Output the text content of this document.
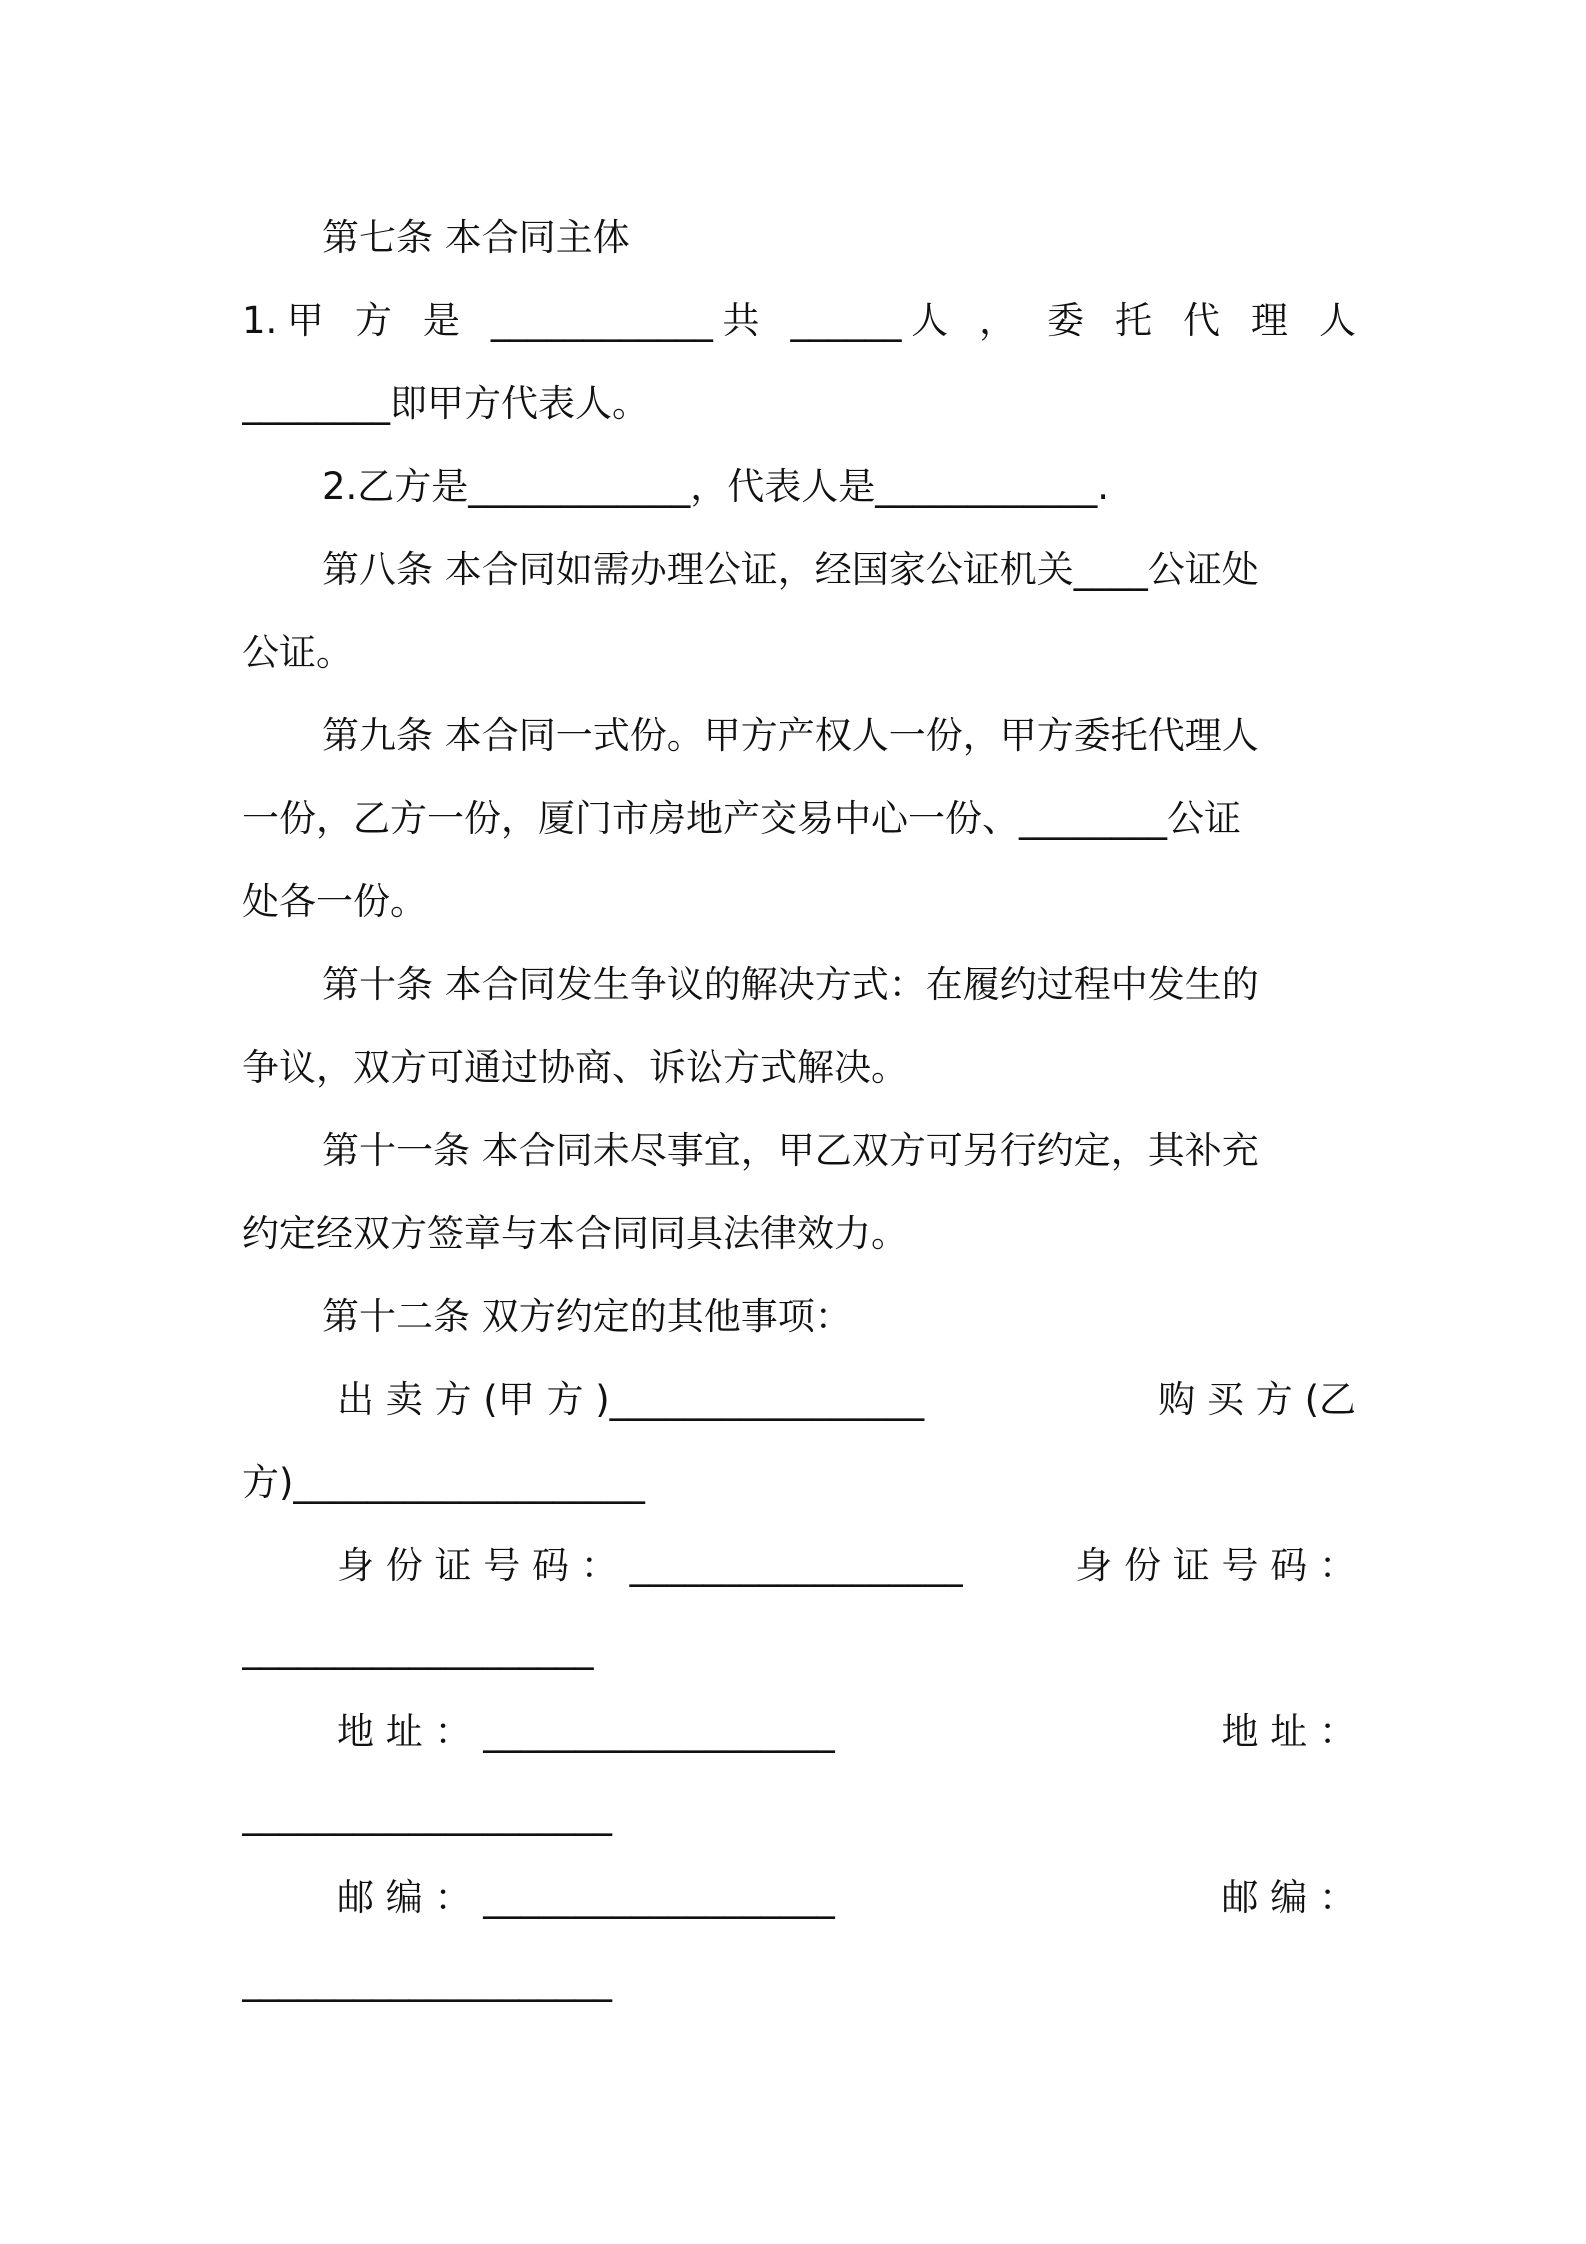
第七条 本合同主体
1.甲 方 是 ____________共 ______人 ， 委 托 代 理 人
________即甲方代表人。
2.乙方是____________，代表人是____________.
第八条 本合同如需办理公证，经国家公证机关____公证处
公证。
第九条 本合同一式份。甲方产权人一份，甲方委托代理人
一份，乙方一份，厦门市房地产交易中心一份、________公证
处各一份。
第十条 本合同发生争议的解决方式：在履约过程中发生的
争议，双方可通过协商、诉讼方式解决。
第十一条 本合同未尽事宜，甲乙双方可另行约定，其补充
约定经双方签章与本合同同具法律效力。
第十二条 双方约定的其他事项：
出 卖 方 (甲 方 )_________________	购 买 方 (乙
方)___________________
身 份 证 号 码 ： __________________	身 份 证 号 码 ：
___________________
地 址 ： ___________________	地 址 ：
____________________
邮 编 ： ___________________	邮 编 ：
____________________
